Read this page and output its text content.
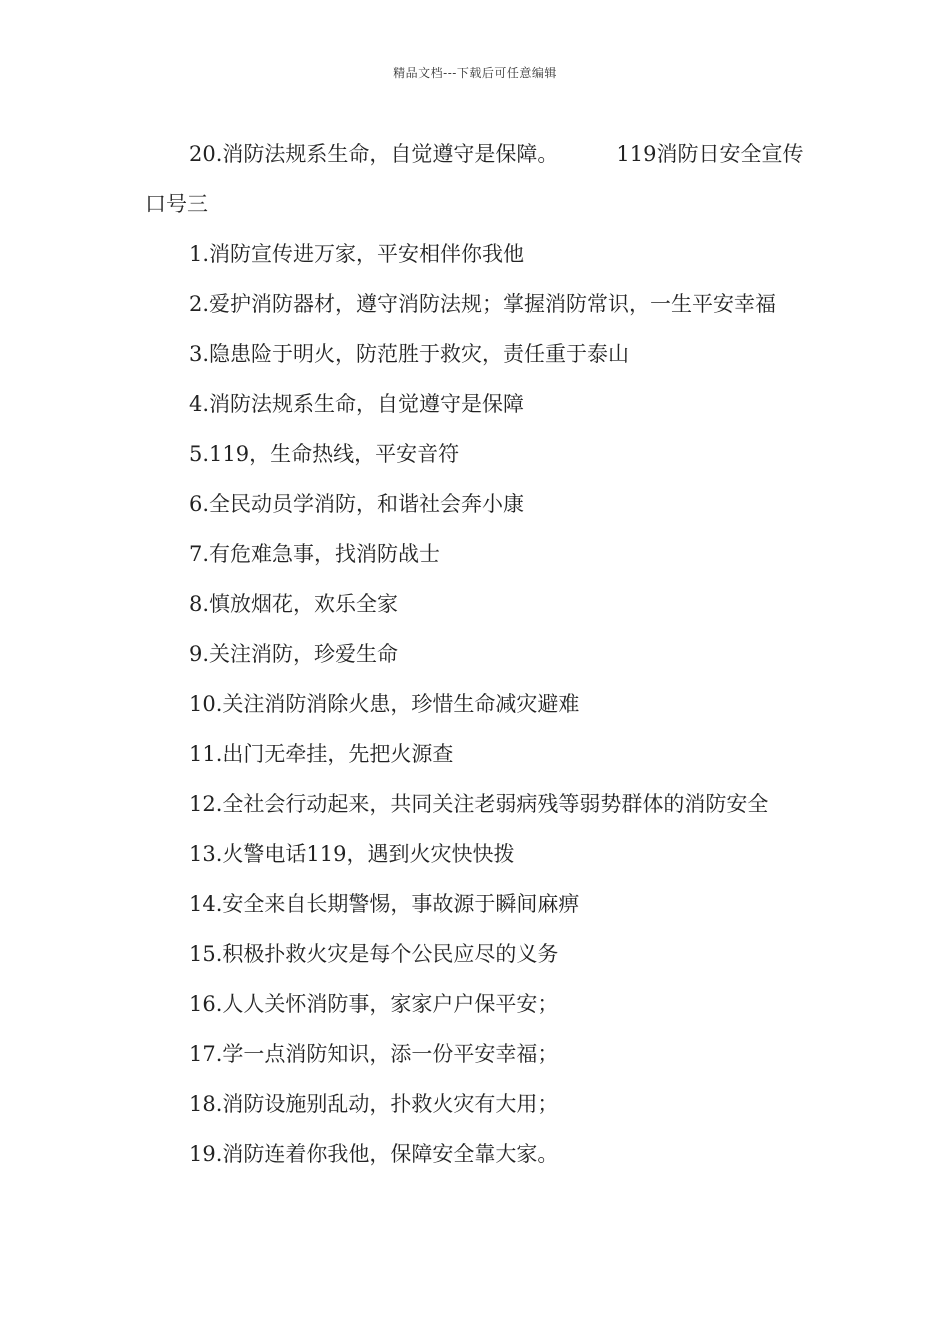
精品文档---下载后可任意编辑

20.消防法规系生命，自觉遵守是保障。	119消防日安全宣传口号三

1.消防宣传进万家，平安相伴你我他

2.爱护消防器材，遵守消防法规；掌握消防常识，一生平安幸福

3.隐患险于明火，防范胜于救灾，责任重于泰山

4.消防法规系生命，自觉遵守是保障

5.119，生命热线，平安音符

6.全民动员学消防，和谐社会奔小康

7.有危难急事，找消防战士

8.慎放烟花，欢乐全家

9.关注消防，珍爱生命

10.关注消防消除火患，珍惜生命减灾避难

11.出门无牵挂，先把火源查

12.全社会行动起来，共同关注老弱病残等弱势群体的消防安全

13.火警电话119，遇到火灾快快拨

14.安全来自长期警惕，事故源于瞬间麻痹

15.积极扑救火灾是每个公民应尽的义务

16.人人关怀消防事，家家户户保平安；

17.学一点消防知识，添一份平安幸福；

18.消防设施别乱动，扑救火灾有大用；

19.消防连着你我他，保障安全靠大家。
